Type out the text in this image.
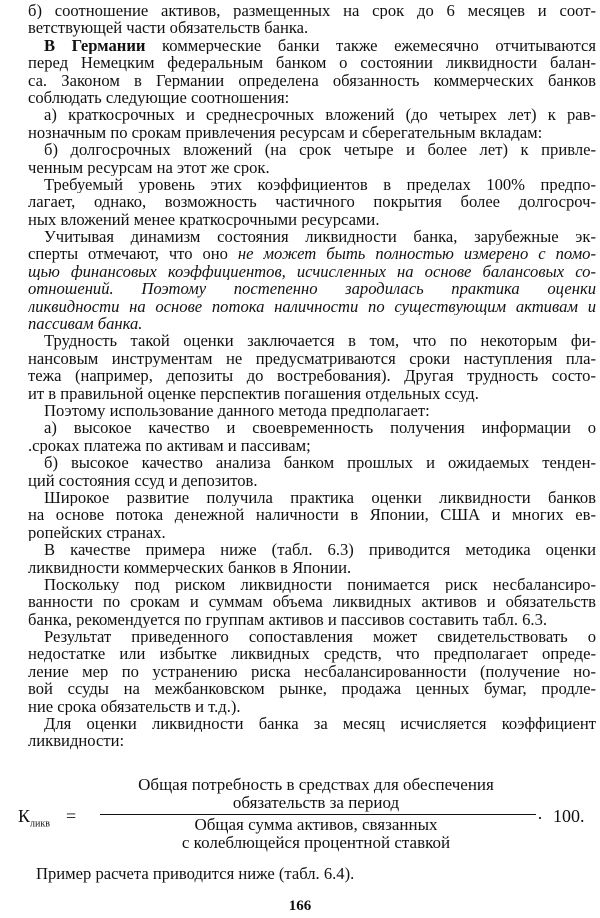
б) соотношение активов, размещенных на срок до 6 месяцев и соот-
ветствующей части обязательств банка.
В Германии коммерческие банки также ежемесячно отчитываются
перед Немецким федеральным банком о состоянии ликвидности балан-
са. Законом в Германии определена обязанность коммерческих банков
соблюдать следующие соотношения:
а) краткосрочных и среднесрочных вложений (до четырех лет) к рав-
нозначным по срокам привлечения ресурсам и сберегательным вкладам:
б) долгосрочных вложений (на срок четыре и более лет) к привле-
ченным ресурсам на этот же срок.
Требуемый уровень этих коэффициентов в пределах 100% предпо-
лагает, однако, возможность частичного покрытия более долгосроч-
ных вложений менее краткосрочными ресурсами.
Учитывая динамизм состояния ликвидности банка, зарубежные эк-
сперты отмечают, что оно не может быть полностью измерено с помо-
щью финансовых коэффициентов, исчисленных на основе балансовых со-
отношений. Поэтому постепенно зародилась практика оценки
ликвидности на основе потока наличности по существующим активам и
пассивам банка.
Трудность такой оценки заключается в том, что по некоторым фи-
нансовым инструментам не предусматриваются сроки наступления пла-
тежа (например, депозиты до востребования). Другая трудность состо-
ит в правильной оценке перспектив погашения отдельных ссуд.
Поэтому использование данного метода предполагает:
а) высокое качество и своевременность получения информации о
.сроках платежа по активам и пассивам;
б) высокое качество анализа банком прошлых и ожидаемых тенден-
ций состояния ссуд и депозитов.
Широкое развитие получила практика оценки ликвидности банков
на основе потока денежной наличности в Японии, США и многих ев-
ропейских странах.
В качестве примера ниже (табл. 6.3) приводится методика оценки
ликвидности коммерческих банков в Японии.
Поскольку под риском ликвидности понимается риск несбалансиро-
ванности по срокам и суммам объема ликвидных активов и обязательств
банка, рекомендуется по группам активов и пассивов составить табл. 6.3.
Результат приведенного сопоставления может свидетельствовать о
недостатке или избытке ликвидных средств, что предполагает опреде-
ление мер по устранению риска несбалансированности (получение но-
вой ссуды на межбанковском рынке, продажа ценных бумаг, продле-
ние срока обязательств и т.д.).
Для оценки ликвидности банка за месяц исчисляется коэффициент
ликвидности:
$К_{ликв}$ =
Общая потребность в средствах для обеспечения
обязательств за период
Общая сумма активов, связанных
с колеблющейся процентной ставкой
· 100.
Пример расчета приводится ниже (табл. 6.4).
166
